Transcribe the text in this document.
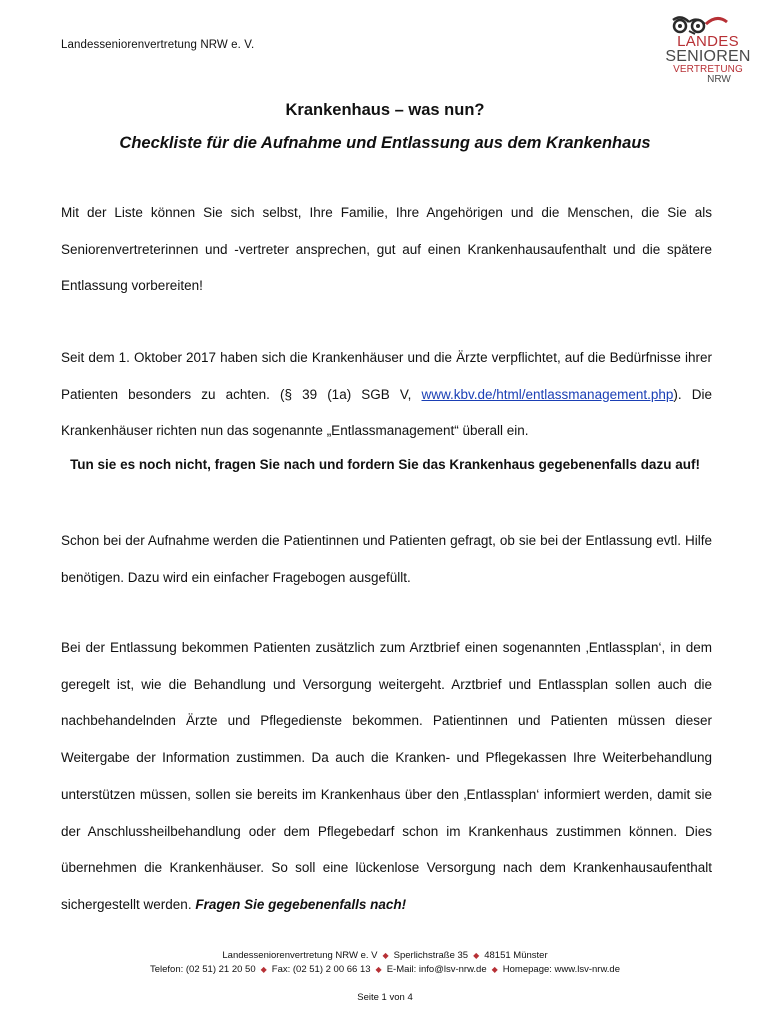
Landesseniorenvertretung NRW e. V.	LANDES
SENIOREN
VERTRETUNG
NRW
Krankenhaus – was nun?
Checkliste für die Aufnahme und Entlassung aus dem Krankenhaus
Mit der Liste können Sie sich selbst, Ihre Familie, Ihre Angehörigen und die Menschen, die Sie als Seniorenvertreterinnen und -vertreter ansprechen, gut auf einen Krankenhausaufenthalt und die spätere Entlassung vorbereiten!
Seit dem 1. Oktober 2017 haben sich die Krankenhäuser und die Ärzte verpflichtet, auf die Bedürfnisse ihrer Patienten besonders zu achten. (§ 39 (1a) SGB V, www.kbv.de/html/entlassmanagement.php). Die Krankenhäuser richten nun das sogenannte „Entlassmanagement“ überall ein.
Tun sie es noch nicht, fragen Sie nach und fordern Sie das Krankenhaus gegebenenfalls dazu auf!
Schon bei der Aufnahme werden die Patientinnen und Patienten gefragt, ob sie bei der Entlassung evtl. Hilfe benötigen. Dazu wird ein einfacher Fragebogen ausgefüllt.
Bei der Entlassung bekommen Patienten zusätzlich zum Arztbrief einen sogenannten ‚Entlassplan‘, in dem geregelt ist, wie die Behandlung und Versorgung weitergeht. Arztbrief und Entlassplan sollen auch die nachbehandelnden Ärzte und Pflegedienste bekommen. Patientinnen und Patienten müssen dieser Weitergabe der Information zustimmen. Da auch die Kranken- und Pflegekassen Ihre Weiterbehandlung unterstützen müssen, sollen sie bereits im Krankenhaus über den ‚Entlassplan‘ informiert werden, damit sie der Anschlussheilbehandlung oder dem Pflegebedarf schon im Krankenhaus zustimmen können. Dies übernehmen die Krankenhäuser. So soll eine lückenlose Versorgung nach dem Krankenhausaufenthalt sichergestellt werden. Fragen Sie gegebenenfalls nach!
Landesseniorenvertretung NRW e. V ◆ Sperlichstraße 35 ◆ 48151 Münster
Telefon: (02 51) 21 20 50 ◆ Fax: (02 51) 2 00 66 13 ◆ E-Mail: info@lsv-nrw.de ◆ Homepage: www.lsv-nrw.de
Seite 1 von 4
